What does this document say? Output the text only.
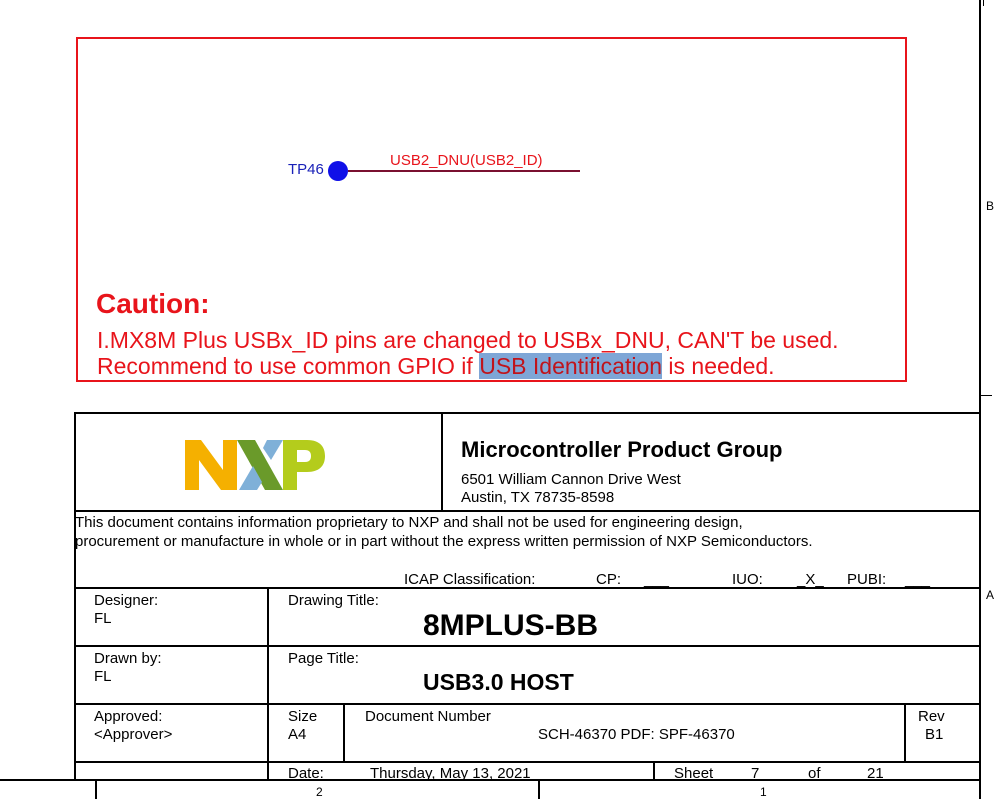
B
A
TP46
USB2_DNU(USB2_ID)
Caution:
I.MX8M Plus USBx_ID pins are changed to USBx_DNU, CAN'T be used.
Recommend to use common GPIO if USB Identification is needed.
2	1
Microcontroller Product Group
6501 William Cannon Drive West
Austin, TX 78735-8598
This document contains information proprietary to NXP and shall not be used for engineering design,
procurement or manufacture in whole or in part without the express written permission of NXP Semiconductors.
ICAP Classification:	CP: ___	IUO: _X_ PUBI: ___
Designer:
FL
Drawing Title:
8MPLUS-BB
Drawn by:
FL
Page Title:
USB3.0 HOST
Approved:
<Approver>
Size
A4
Document Number
SCH-46370 PDF: SPF-46370
Rev
B1
Date:	Thursday, May 13, 2021	Sheet	7	of	21
